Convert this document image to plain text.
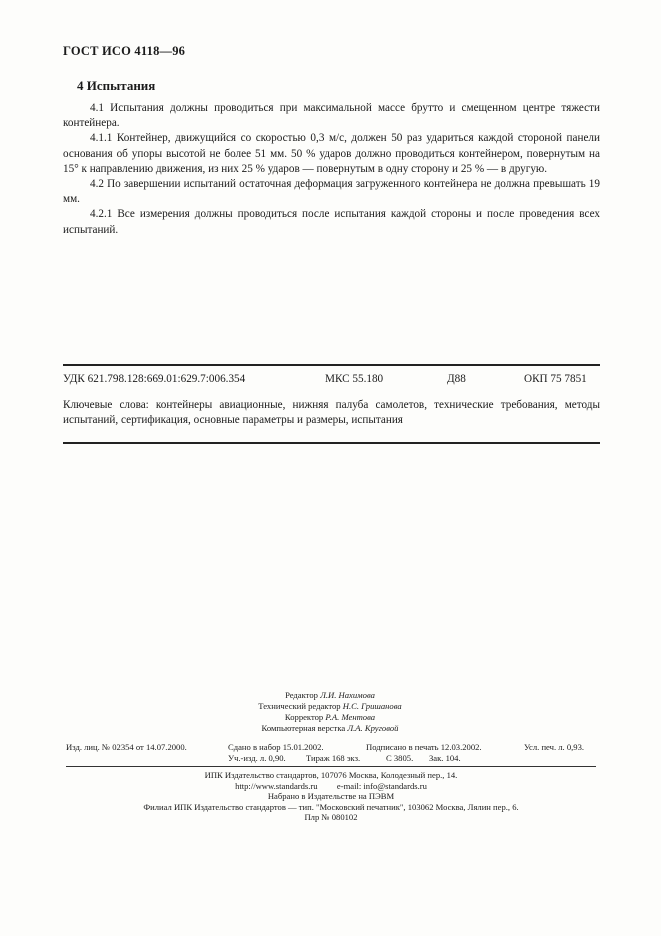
ГОСТ ИСО 4118—96
4 Испытания

4.1 Испытания должны проводиться при максимальной массе брутто и смещенном центре тяжести контейнера.

4.1.1 Контейнер, движущийся со скоростью 0,3 м/с, должен 50 раз удариться каждой стороной панели основания об упоры высотой не более 51 мм. 50 % ударов должно проводиться контейнером, повернутым на 15° к направлению движения, из них 25 % ударов — повернутым в одну сторону и 25 % — в другую.

4.2 По завершении испытаний остаточная деформация загруженного контейнера не должна превышать 19 мм.

4.2.1 Все измерения должны проводиться после испытания каждой стороны и после проведения всех испытаний.

УДК 621.798.128:669.01:629.7:006.354	МКС 55.180	Д88	ОКП 75 7851
Ключевые слова: контейнеры авиационные, нижняя палуба самолетов, технические требования, методы испытаний, сертификация, основные параметры и размеры, испытания
Редактор Л.И. Нахимова
Технический редактор Н.С. Гришанова
Корректор Р.А. Ментова
Компьютерная верстка Л.А. Круговой
Изд. лиц. № 02354 от 14.07.2000.	Сдано в набор 15.01.2002.	Подписано в печать 12.03.2002.	Усл. печ. л. 0,93.
Уч.-изд. л. 0,90. Тираж 168 экз.	С 3805. Зак. 104.
ИПК Издательство стандартов, 107076 Москва, Колодезный пер., 14.
http://www.standards.ru e-mail: info@standards.ru
Набрано в Издательстве на ПЭВМ
Филиал ИПК Издательство стандартов — тип. "Московский печатник", 103062 Москва, Лялин пер., 6.
Плр № 080102
